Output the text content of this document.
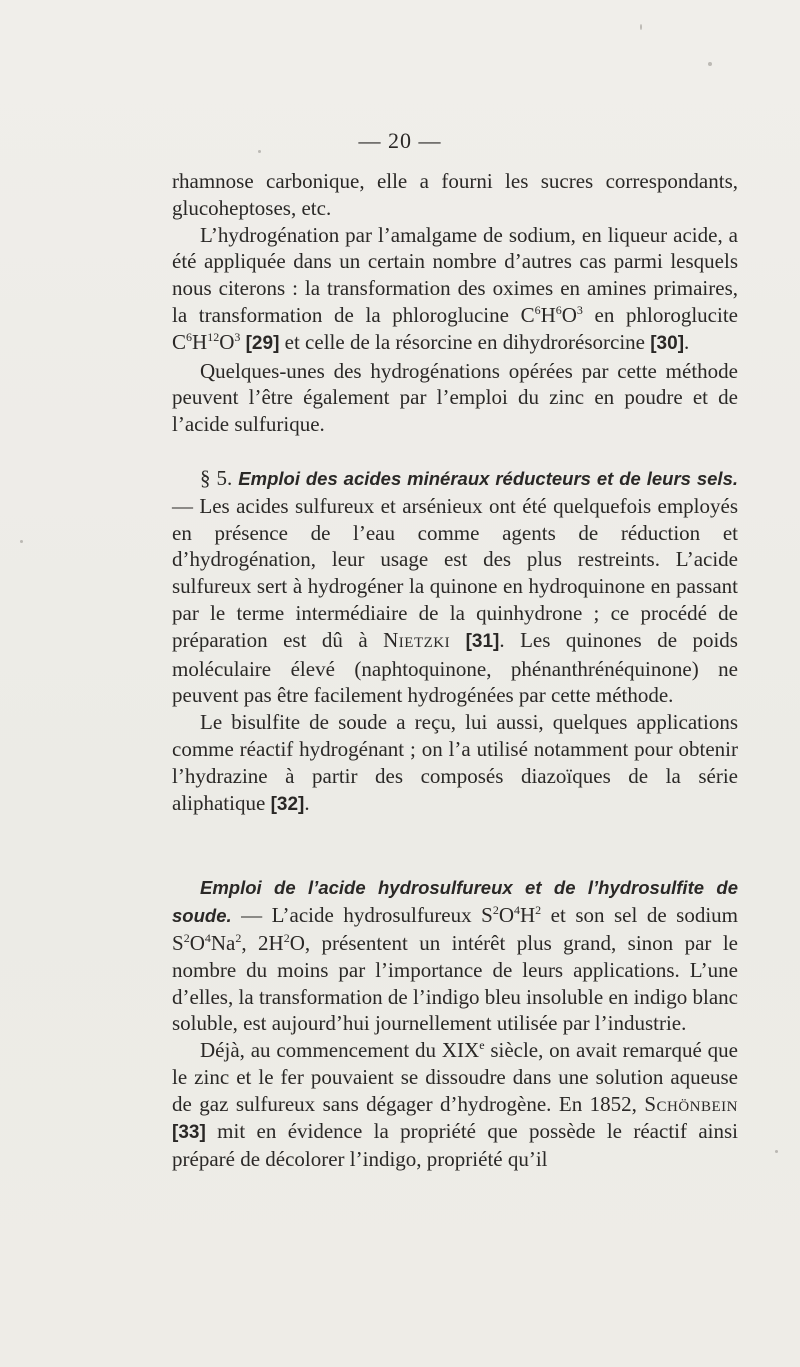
— 20 —

rhamnose carbonique, elle a fourni les sucres correspondants, glucoheptoses, etc.

L’hydrogénation par l’amalgame de sodium, en liqueur acide, a été appliquée dans un certain nombre d’autres cas parmi lesquels nous citerons : la transformation des oximes en amines primaires, la transformation de la phloroglucine $C^6H^6O^3$ en phloroglucite $C^6H^{12}O^3$ [29] et celle de la résorcine en dihydrorésorcine [30].

Quelques-unes des hydrogénations opérées par cette méthode peuvent l’être également par l’emploi du zinc en poudre et de l’acide sulfurique.

§ 5. Emploi des acides minéraux réducteurs et de leurs sels. — Les acides sulfureux et arsénieux ont été quelquefois employés en présence de l’eau comme agents de réduction et d’hydrogénation, leur usage est des plus restreints. L’acide sulfureux sert à hydrogéner la quinone en hydroquinone en passant par le terme intermédiaire de la quinhydrone ; ce procédé de préparation est dû à Nietzki [31]. Les quinones de poids moléculaire élevé (naphtoquinone, phénanthrénéquinone) ne peuvent pas être facilement hydrogénées par cette méthode.

Le bisulfite de soude a reçu, lui aussi, quelques applications comme réactif hydrogénant ; on l’a utilisé notamment pour obtenir l’hydrazine à partir des composés diazoïques de la série aliphatique [32].

Emploi de l’acide hydrosulfureux et de l’hydrosulfite de soude. — L’acide hydrosulfureux $S^2O^4H^2$ et son sel de sodium $S^2O^4Na^2$, $2H^2O$, présentent un intérêt plus grand, sinon par le nombre du moins par l’importance de leurs applications. L’une d’elles, la transformation de l’indigo bleu insoluble en indigo blanc soluble, est aujourd’hui journellement utilisée par l’industrie.

Déjà, au commencement du XIXe siècle, on avait remarqué que le zinc et le fer pouvaient se dissoudre dans une solution aqueuse de gaz sulfureux sans dégager d’hydrogène. En 1852, Schönbein [33] mit en évidence la propriété que possède le réactif ainsi préparé de décolorer l’indigo, propriété qu’il
